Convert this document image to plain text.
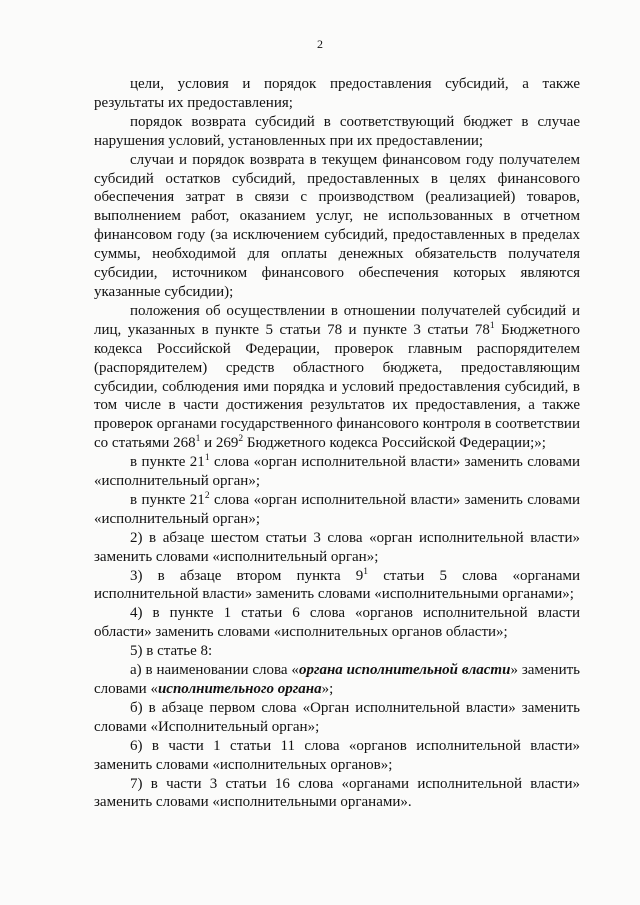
2

цели, условия и порядок предоставления субсидий, а также результаты их предоставления;

порядок возврата субсидий в соответствующий бюджет в случае нарушения условий, установленных при их предоставлении;

случаи и порядок возврата в текущем финансовом году получателем субсидий остатков субсидий, предоставленных в целях финансового обеспечения затрат в связи с производством (реализацией) товаров, выполнением работ, оказанием услуг, не использованных в отчетном финансовом году (за исключением субсидий, предоставленных в пределах суммы, необходимой для оплаты денежных обязательств получателя субсидии, источником финансового обеспечения которых являются указанные субсидии);

положения об осуществлении в отношении получателей субсидий и лиц, указанных в пункте 5 статьи 78 и пункте 3 статьи $78^1$ Бюджетного кодекса Российской Федерации, проверок главным распорядителем (распорядителем) средств областного бюджета, предоставляющим субсидии, соблюдения ими порядка и условий предоставления субсидий, в том числе в части достижения результатов их предоставления, а также проверок органами государственного финансового контроля в соответствии со статьями $268^1$ и $269^2$ Бюджетного кодекса Российской Федерации;»;

в пункте $21^1$ слова «орган исполнительной власти» заменить словами «исполнительный орган»;

в пункте $21^2$ слова «орган исполнительной власти» заменить словами «исполнительный орган»;

2) в абзаце шестом статьи 3 слова «орган исполнительной власти» заменить словами «исполнительный орган»;

3) в абзаце втором пункта $9^1$ статьи 5 слова «органами исполнительной власти» заменить словами «исполнительными органами»;

4) в пункте 1 статьи 6 слова «органов исполнительной власти области» заменить словами «исполнительных органов области»;

5) в статье 8:

а) в наименовании слова «органа исполнительной власти» заменить словами «исполнительного органа»;

б) в абзаце первом слова «Орган исполнительной власти» заменить словами «Исполнительный орган»;

6) в части 1 статьи 11 слова «органов исполнительной власти» заменить словами «исполнительных органов»;

7) в части 3 статьи 16 слова «органами исполнительной власти» заменить словами «исполнительными органами».
